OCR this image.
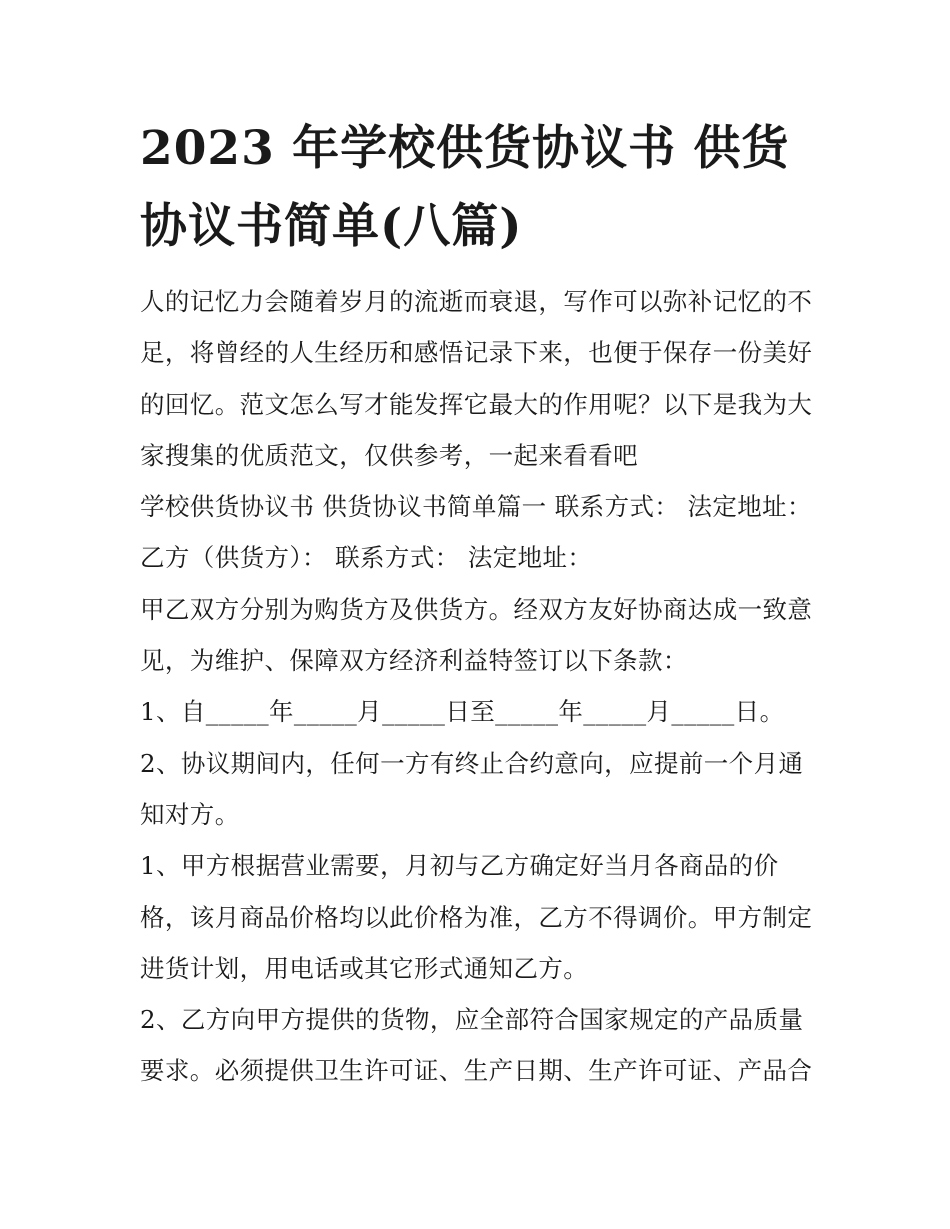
2023 年学校供货协议书 供货
协议书简单(八篇)

人的记忆力会随着岁月的流逝而衰退，写作可以弥补记忆的不

足，将曾经的人生经历和感悟记录下来，也便于保存一份美好

的回忆。范文怎么写才能发挥它最大的作用呢？以下是我为大

家搜集的优质范文，仅供参考，一起来看看吧

学校供货协议书 供货协议书简单篇一 联系方式： 法定地址：

乙方（供货方）： 联系方式： 法定地址：

甲乙双方分别为购货方及供货方。经双方友好协商达成一致意

见，为维护、保障双方经济利益特签订以下条款：

1、自_____年_____月_____日至_____年_____月_____日。

2、协议期间内，任何一方有终止合约意向，应提前一个月通

知对方。

1、甲方根据营业需要，月初与乙方确定好当月各商品的价

格，该月商品价格均以此价格为准，乙方不得调价。甲方制定

进货计划，用电话或其它形式通知乙方。

2、乙方向甲方提供的货物，应全部符合国家规定的产品质量

要求。必须提供卫生许可证、生产日期、生产许可证、产品合
